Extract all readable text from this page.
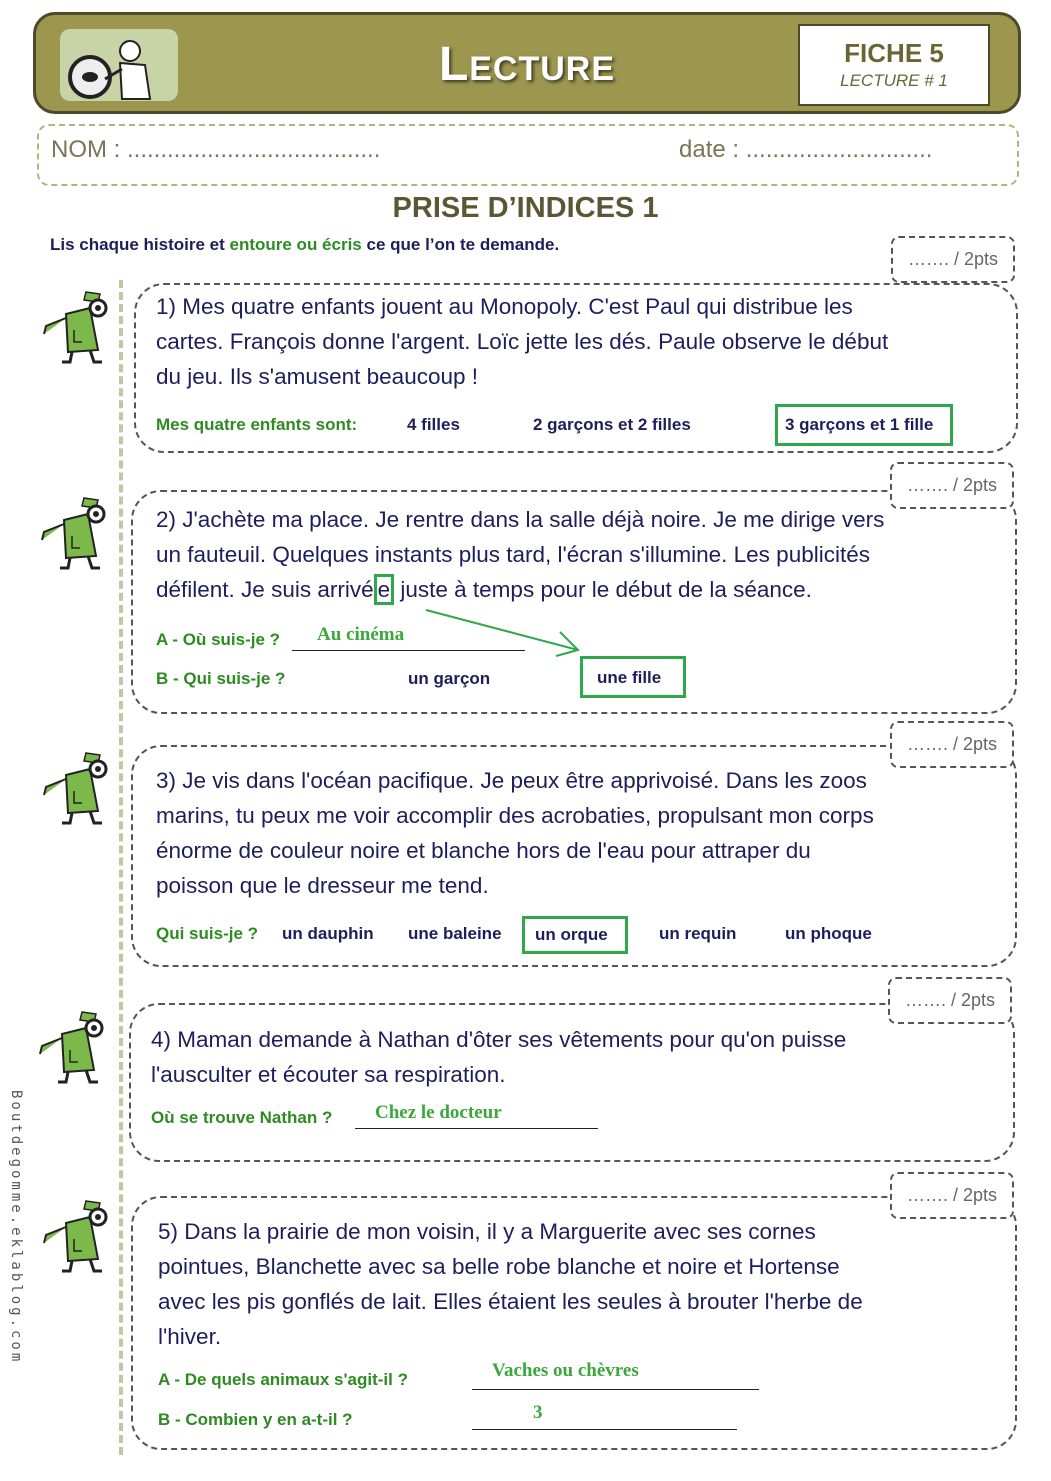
Lecture	FICHE 5
LECTURE # 1
NOM : ......................................	date : ............................
PRISE D’INDICES 1
Lis chaque histoire et entoure ou écris ce que l’on te demande.
Boutdegomme.eklablog.com
……. / 2pts
1) Mes quatre enfants jouent au Monopoly. C'est Paul qui distribue les
cartes. François donne l'argent. Loïc jette les dés. Paule observe le début
du jeu. Ils s'amusent beaucoup !
Mes quatre enfants sont:	4 filles	2 garçons et 2 filles	3 garçons et 1 fille
……. / 2pts
2) J'achète ma place. Je rentre dans la salle déjà noire. Je me dirige vers
un fauteuil. Quelques instants plus tard, l'écran s'illumine. Les publicités
défilent. Je suis arrivé e juste à temps pour le début de la séance.
A - Où suis-je ? Au cinéma
B - Qui suis-je ?	un garçon	une fille
……. / 2pts
3) Je vis dans l'océan pacifique. Je peux être apprivoisé. Dans les zoos
marins, tu peux me voir accomplir des acrobaties, propulsant mon corps
énorme de couleur noire et blanche hors de l'eau pour attraper du
poisson que le dresseur me tend.
Qui suis-je ? un dauphin une baleine	un orque	un requin	un phoque
……. / 2pts
4) Maman demande à Nathan d'ôter ses vêtements pour qu'on puisse
l'ausculter et écouter sa respiration.
Où se trouve Nathan ? Chez le docteur
……. / 2pts
5) Dans la prairie de mon voisin, il y a Marguerite avec ses cornes
pointues, Blanchette avec sa belle robe blanche et noire et Hortense
avec les pis gonflés de lait. Elles étaient les seules à brouter l'herbe de
l'hiver.
A - De quels animaux s'agit-il ?	Vaches ou chèvres
B - Combien y en a-t-il ?	3
